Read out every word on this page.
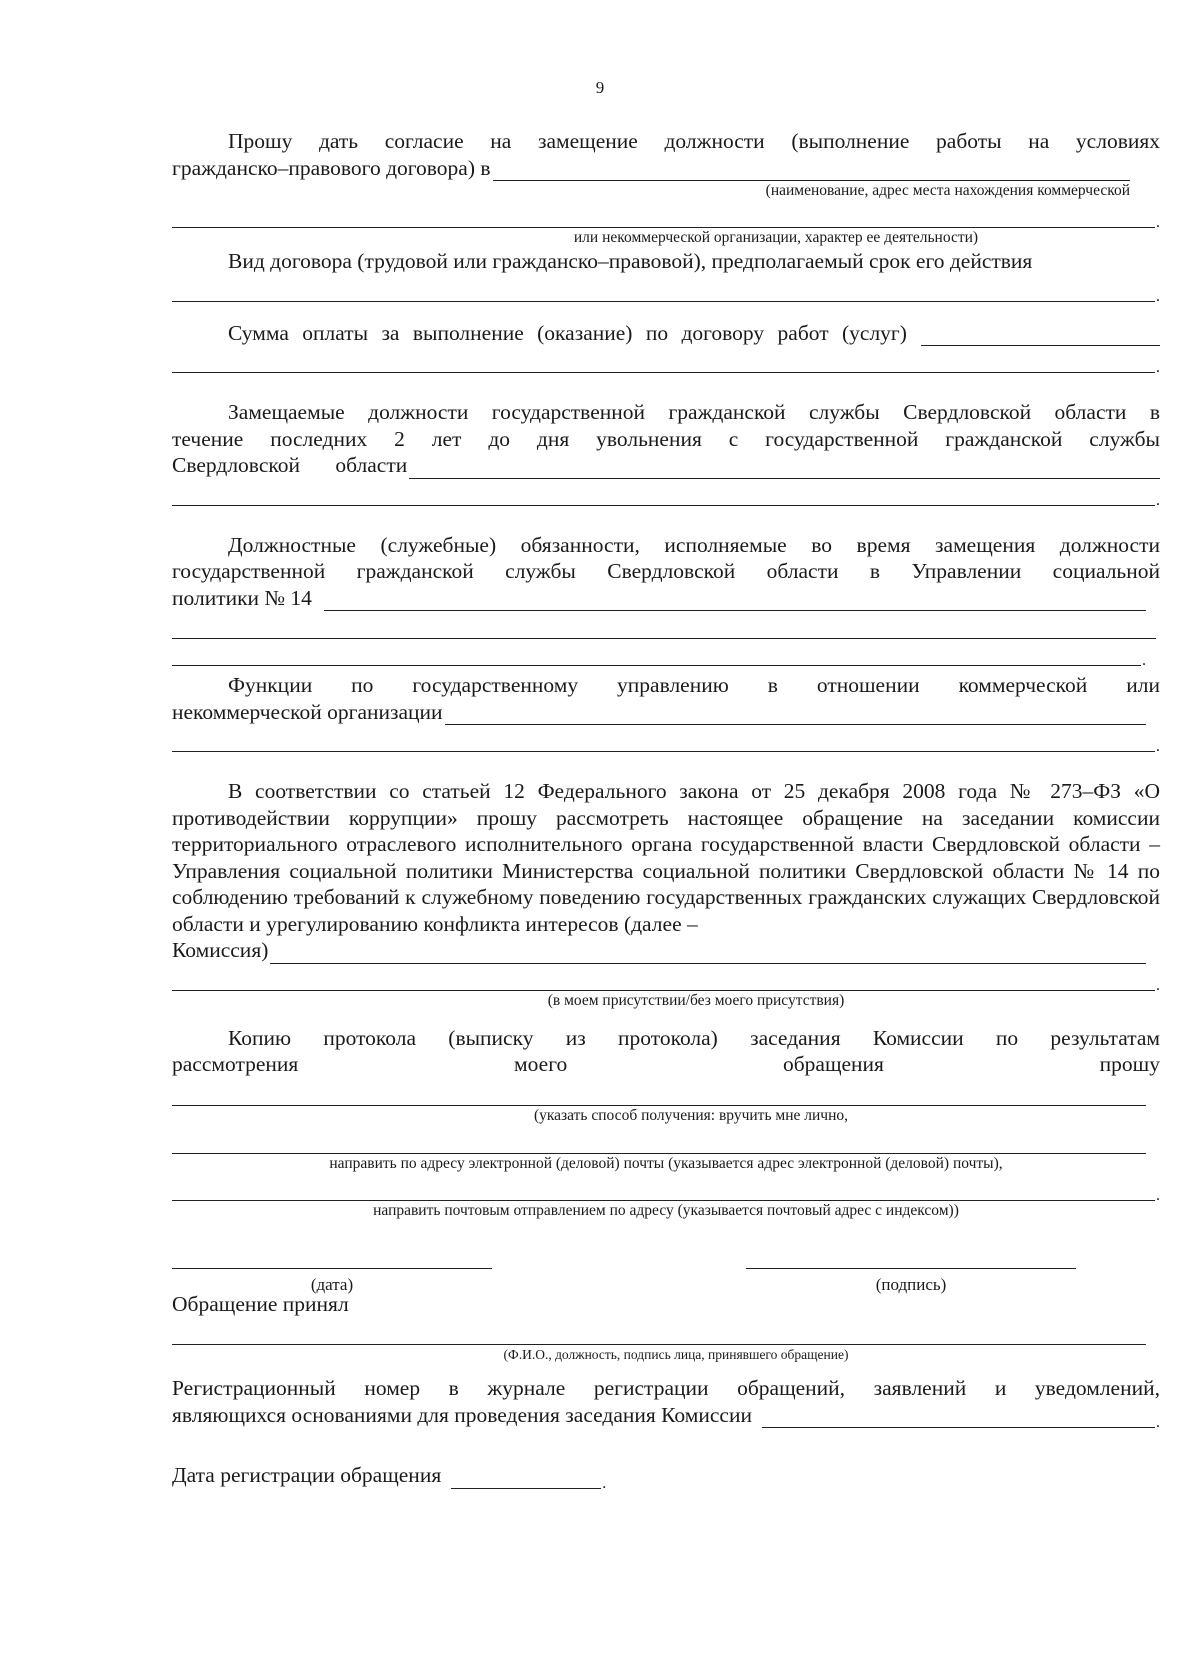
9

Прошу дать согласие на замещение должности (выполнение работы на условиях

гражданско–правового договора) в
(наименование, адрес места нахождения коммерческой
.
или некоммерческой организации, характер ее деятельности)

Вид договора (трудовой или гражданско–правовой), предполагаемый срок его действия

.
Сумма оплаты за выполнение (оказание) по договору работ (услуг)
.

Замещаемые должности государственной гражданской службы Свердловской области в

течение последних 2 лет до дня увольнения с государственной гражданской службы

Свердловской области
.

Должностные (служебные) обязанности, исполняемые во время замещения должности

государственной гражданской службы Свердловской области в Управлении социальной

политики № 14
.

Функции по государственному управлению в отношении коммерческой или

некоммерческой организации
.

В соответствии со статьей 12 Федерального закона от 25 декабря 2008 года № 273–ФЗ «О противодействии коррупции» прошу рассмотреть настоящее обращение на заседании комиссии территориального отраслевого исполнительного органа государственной власти Свердловской области – Управления социальной политики Министерства социальной политики Свердловской области № 14 по соблюдению требований к служебному поведению государственных гражданских служащих Свердловской области и урегулированию конфликта интересов (далее –

Комиссия)
.
(в моем присутствии/без моего присутствия)

Копию протокола (выписку из протокола) заседания Комиссии по результатам

рассмотрения моего обращения прошу

(указать способ получения: вручить мне лично,
направить по адресу электронной (деловой) почты (указывается адрес электронной (деловой) почты),
.
направить почтовым отправлением по адресу (указывается почтовый адрес с индексом))
(дата)	(подпись)

Обращение принял

(Ф.И.О., должность, подпись лица, принявшего обращение)

Регистрационный номер в журнале регистрации обращений, заявлений и уведомлений,

являющихся основаниями для проведения заседания Комиссии	.
Дата регистрации обращения	.
